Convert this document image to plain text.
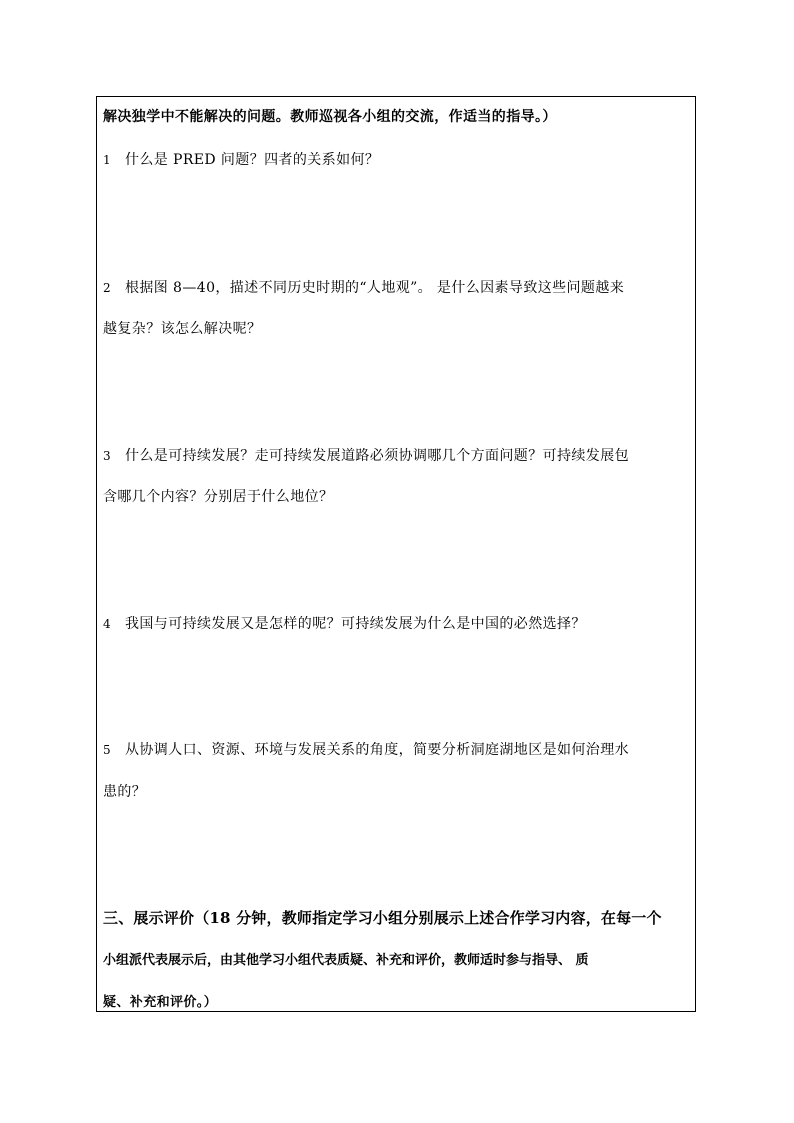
解决独学中不能解决的问题。教师巡视各小组的交流，作适当的指导。）
1 什么是 PRED 问题？四者的关系如何？
2 根据图 8—40，描述不同历史时期的“人地观”。 是什么因素导致这些问题越来
越复杂？该怎么解决呢？
3 什么是可持续发展？走可持续发展道路必须协调哪几个方面问题？可持续发展包
含哪几个内容？分别居于什么地位？
4 我国与可持续发展又是怎样的呢？可持续发展为什么是中国的必然选择？
5 从协调人口、资源、环境与发展关系的角度，简要分析洞庭湖地区是如何治理水
患的？
三、展示评价（18 分钟，教师指定学习小组分别展示上述合作学习内容，在每一个
小组派代表展示后，由其他学习小组代表质疑、补充和评价，教师适时参与指导、 质
疑、补充和评价。）
